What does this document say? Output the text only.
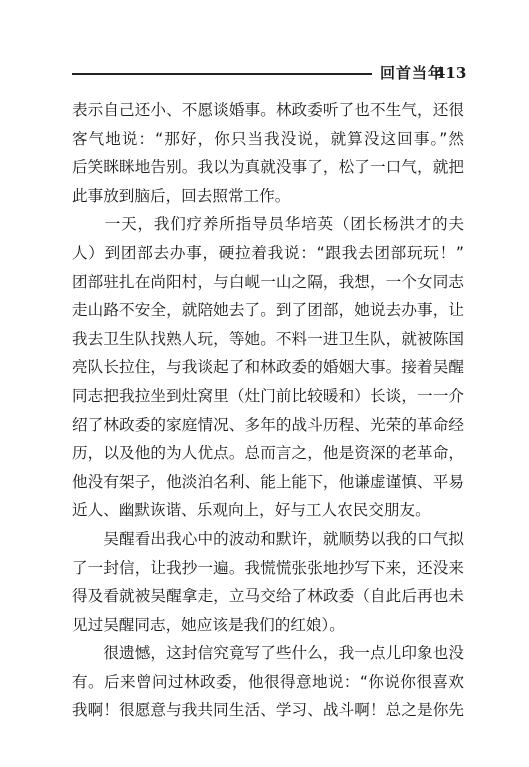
回首当年
413
表示自己还小、不愿谈婚事。林政委听了也不生气，还很
客气地说：“那好，你只当我没说，就算没这回事。”然
后笑眯眯地告别。我以为真就没事了，松了一口气，就把
此事放到脑后，回去照常工作。
　　一天，我们疗养所指导员华培英（团长杨洪才的夫
人）到团部去办事，硬拉着我说：“跟我去团部玩玩！”
团部驻扎在尚阳村，与白岘一山之隔，我想，一个女同志
走山路不安全，就陪她去了。到了团部，她说去办事，让
我去卫生队找熟人玩，等她。不料一进卫生队，就被陈国
亮队长拉住，与我谈起了和林政委的婚姻大事。接着吴醒
同志把我拉坐到灶窝里（灶门前比较暖和）长谈，一一介
绍了林政委的家庭情况、多年的战斗历程、光荣的革命经
历，以及他的为人优点。总而言之，他是资深的老革命，
他没有架子，他淡泊名利、能上能下，他谦虚谨慎、平易
近人、幽默诙谐、乐观向上，好与工人农民交朋友。
　　吴醒看出我心中的波动和默许，就顺势以我的口气拟
了一封信，让我抄一遍。我慌慌张张地抄写下来，还没来
得及看就被吴醒拿走，立马交给了林政委（自此后再也未
见过吴醒同志，她应该是我们的红娘）。
　　很遗憾，这封信究竟写了些什么，我一点儿印象也没
有。后来曾问过林政委，他很得意地说：“你说你很喜欢
我啊！很愿意与我共同生活、学习、战斗啊！总之是你先
